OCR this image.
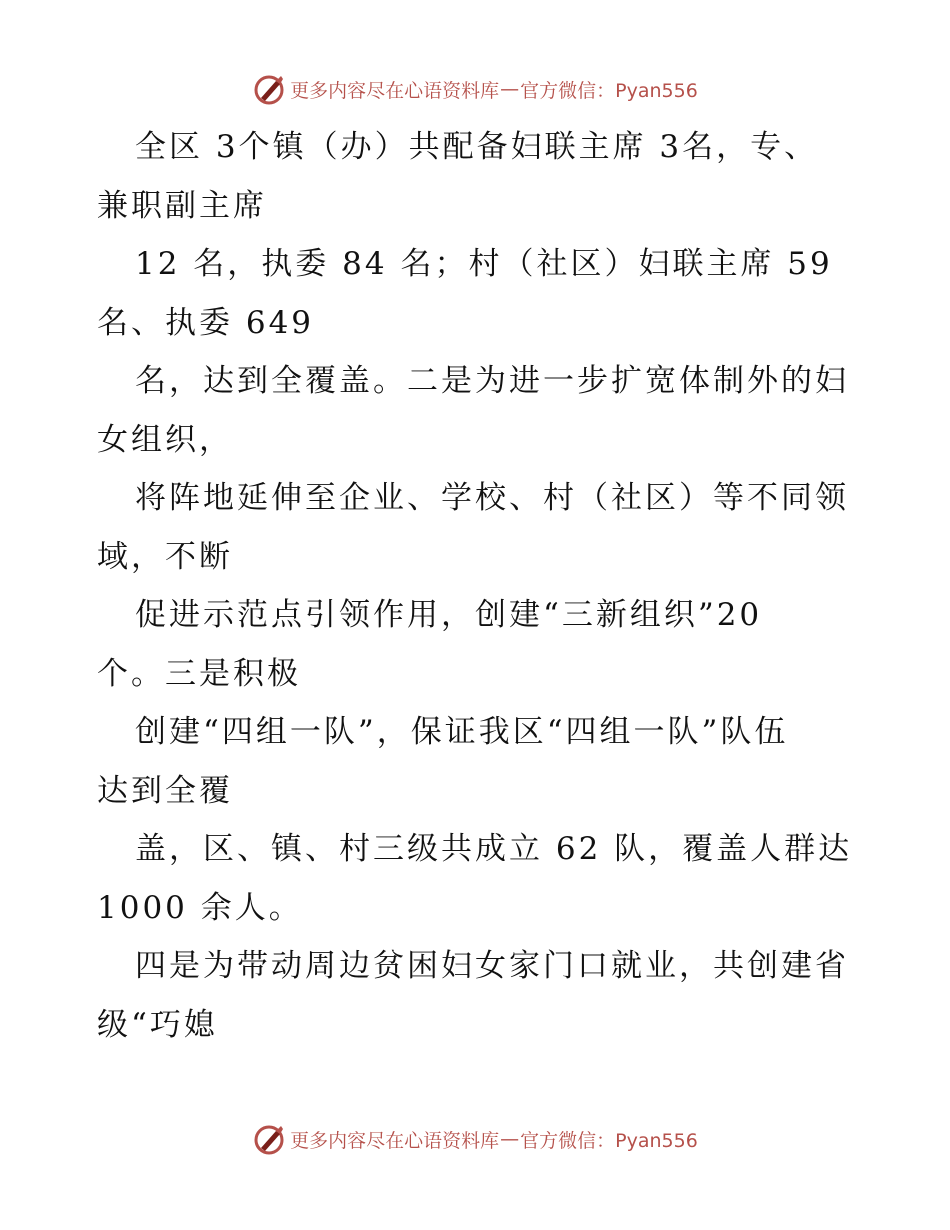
更多内容尽在心语资料库 — 官方微信：Pyan556
全区 3个镇（办）共配备妇联主席 3名，专、
兼职副主席
12 名，执委 84 名；村（社区）妇联主席 59
名、执委 649
名，达到全覆盖。二是为进一步扩宽体制外的妇
女组织，
将阵地延伸至企业、学校、村（社区）等不同领
域，不断
促进示范点引领作用，创建“三新组织”20
个。三是积极
创建“四组一队”，保证我区“四组一队”队伍
达到全覆
盖，区、镇、村三级共成立 62 队，覆盖人群达
1000 余人。
四是为带动周边贫困妇女家门口就业，共创建省
级“巧媳
更多内容尽在心语资料库 — 官方微信：Pyan556
